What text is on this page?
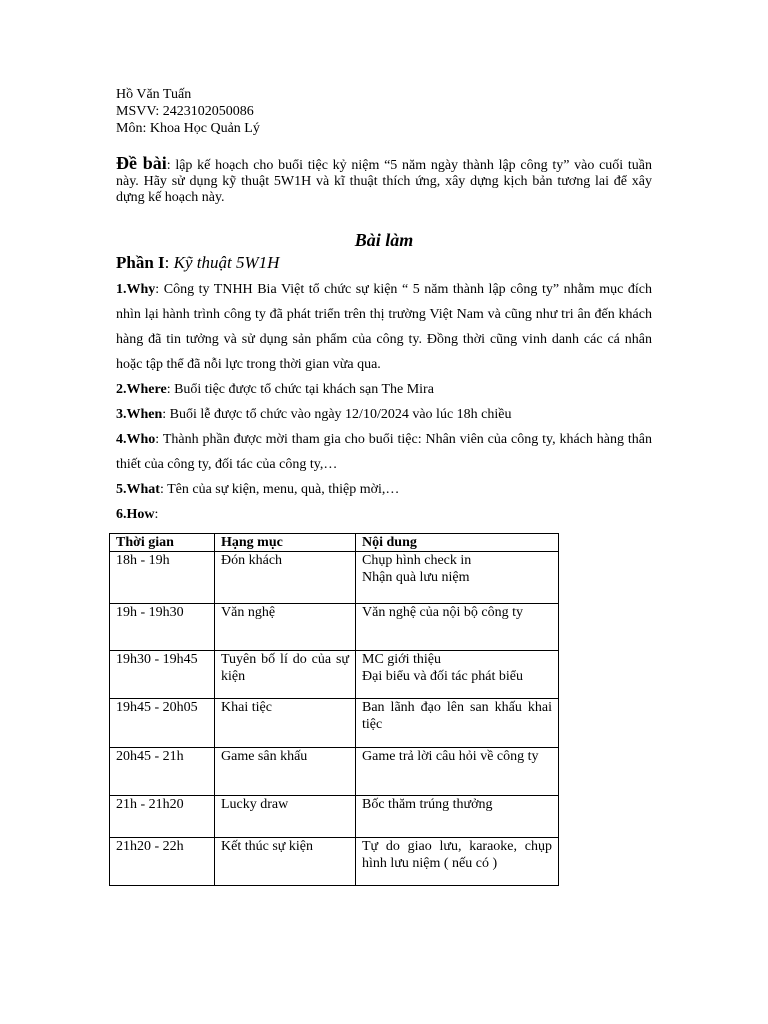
Hồ Văn Tuấn

MSVV: 2423102050086

Môn: Khoa Học Quản Lý

Đề bài: lập kế hoạch cho buổi tiệc kỷ niệm “5 năm ngày thành lập công ty” vào cuối tuần này. Hãy sử dụng kỹ thuật 5W1H và kĩ thuật thích ứng, xây dựng kịch bản tương lai để xây dựng kế hoạch này.
Bài làm
Phần I: Kỹ thuật 5W1H

1.Why: Công ty TNHH Bia Việt tổ chức sự kiện “ 5 năm thành lập công ty” nhằm mục đích nhìn lại hành trình công ty đã phát triển trên thị trường Việt Nam và cũng như tri ân đến khách hàng đã tin tưởng và sử dụng sản phẩm của công ty. Đồng thời cũng vinh danh các cá nhân hoặc tập thể đã nỗi lực trong thời gian vừa qua.

2.Where: Buổi tiệc được tổ chức tại khách sạn The Mira

3.When: Buổi lễ được tổ chức vào ngày 12/10/2024 vào lúc 18h chiều

4.Who: Thành phần được mời tham gia cho buổi tiệc: Nhân viên của công ty, khách hàng thân thiết của công ty, đối tác của công ty,…

5.What: Tên của sự kiện, menu, quà, thiệp mời,…

6.How:

Thời gian	Hạng mục	Nội dung
18h - 19h	Đón khách	Chụp hình check in
Nhận quà lưu niệm

19h - 19h30	Văn nghệ	Văn nghệ của nội bộ công ty

19h30 - 19h45	Tuyên bố lí do của sự kiện	MC giới thiệu
Đại biểu và đối tác phát biểu

19h45 - 20h05	Khai tiệc	Ban lãnh đạo lên san khấu khai tiệc

20h45 - 21h	Game sân khấu	Game trả lời câu hỏi về công ty

21h - 21h20	Lucky draw	Bốc thăm trúng thưởng

21h20 - 22h	Kết thúc sự kiện	Tự do giao lưu, karaoke, chụp hình lưu niệm ( nếu có )
